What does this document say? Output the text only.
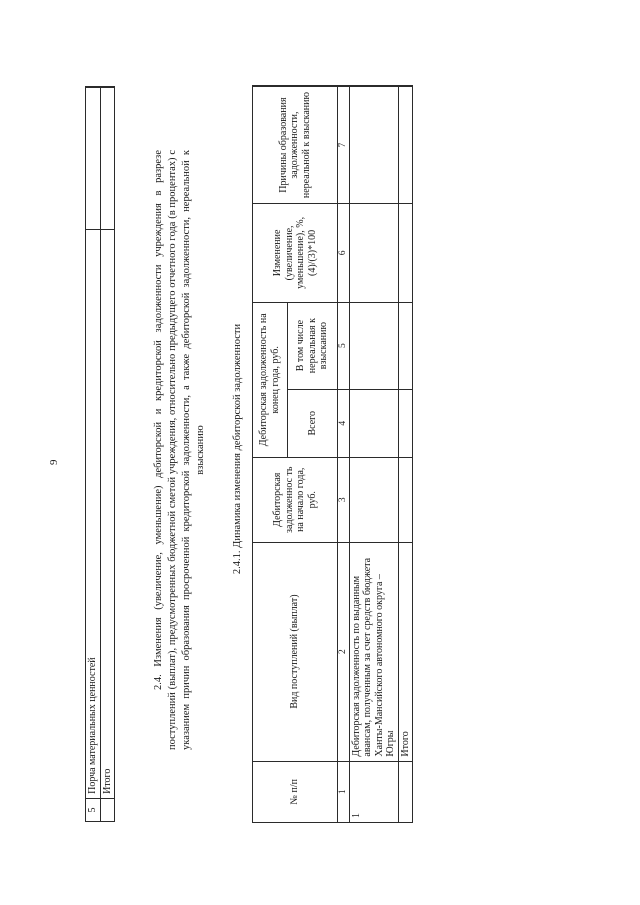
9
5	Порча материальных ценностей	
	Итого	
2.4. Изменения (увеличение, уменьшение) дебиторской и кредиторской задолженности учреждения в разрезе поступлений (выплат), предусмотренных бюджетной сметой учреждения, относительно предыдущего отчетного года (в процентах) с указанием причин образования просроченной кредиторской задолженности, а также дебиторской задолженности, нереальной к взысканию 2.4.1. Динамика изменения дебиторской задолженности
№ п/п	Вид поступлений (выплат)	Дебиторская задолженнос ть на начало года, руб.	Дебиторская задолженность на конец года, руб.		Изменение (увеличение, уменьшение), %, (4)/(3)*100	Причины образования задолженности, нереальной к взысканию
			Всего	В том числе нереальная к взысканию		
1	2	3	4	5	6	7
1	Дебиторская задолженность по выданным авансам, полученным за счет средств бюджета Ханты-Мансийского автономного округа – Югры					
	Итого					
